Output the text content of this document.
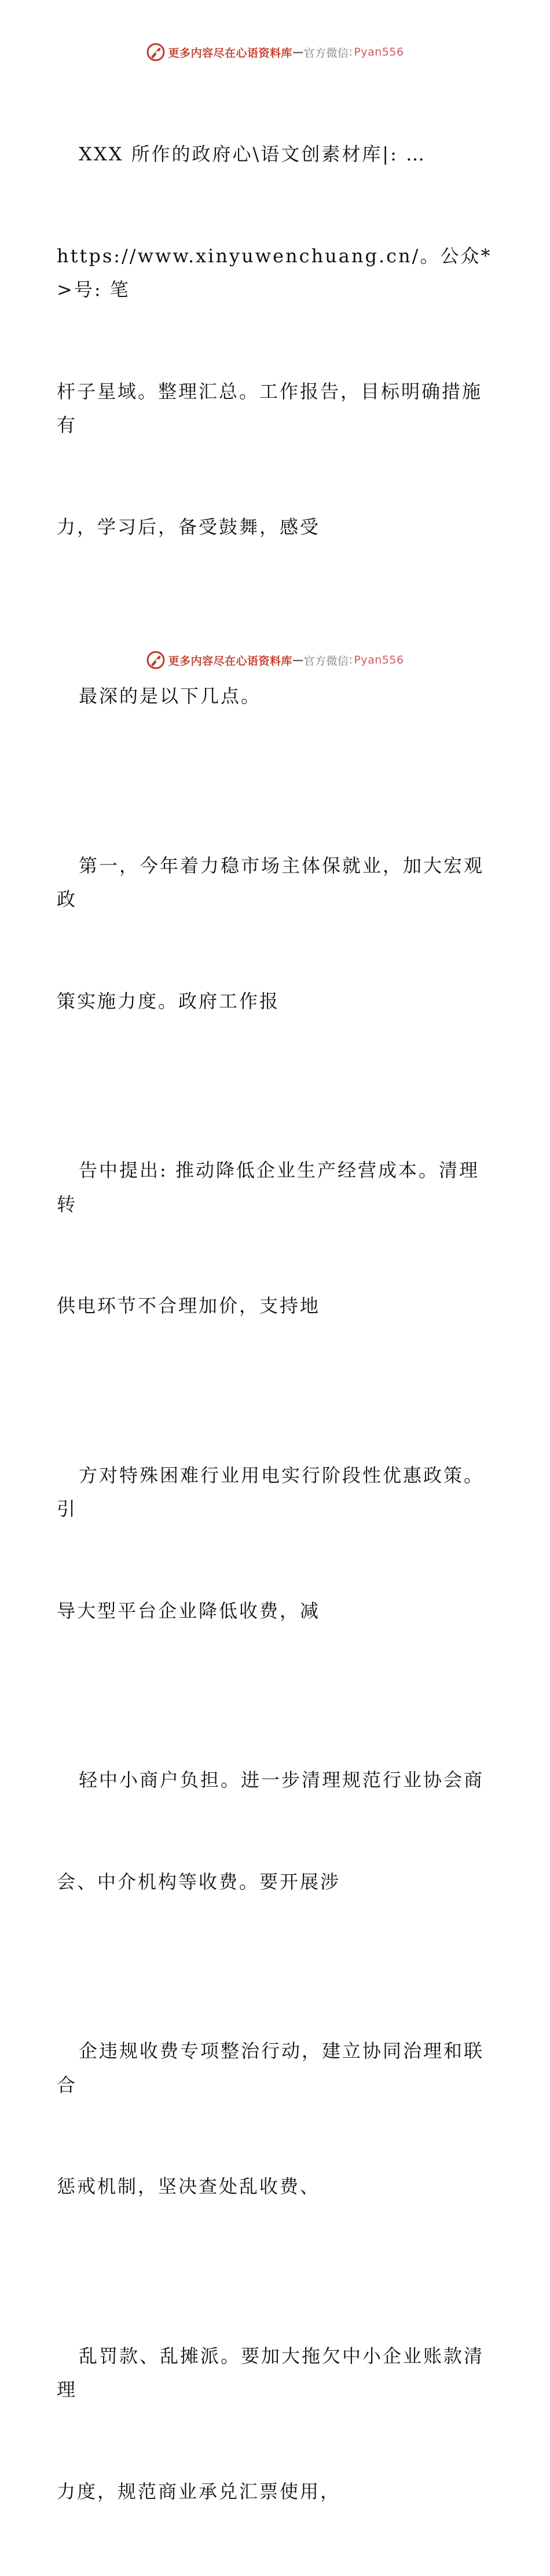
更多内容尽在心语资料库 — 官方微信 : Pyan556

XXX 所作的政府心\语文创素材库|: …

https://www.xinyuwenchuang.cn/。公众*>号: 笔

杆子星域。整理汇总。工作报告，目标明确措施有

力，学习后，备受鼓舞，感受

最深的是以下几点。

第一，今年着力稳市场主体保就业，加大宏观政

策实施力度。政府工作报

告中提出: 推动降低企业生产经营成本。清理转

供电环节不合理加价，支持地

方对特殊困难行业用电实行阶段性优惠政策。引

导大型平台企业降低收费，减

轻中小商户负担。进一步清理规范行业协会商

会、中介机构等收费。要开展涉

企违规收费专项整治行动，建立协同治理和联合

惩戒机制，坚决查处乱收费、

乱罚款、乱摊派。要加大拖欠中小企业账款清理

力度，规范商业承兑汇票使用，

更多内容尽在心语资料库 — 官方微信 : Pyan556
